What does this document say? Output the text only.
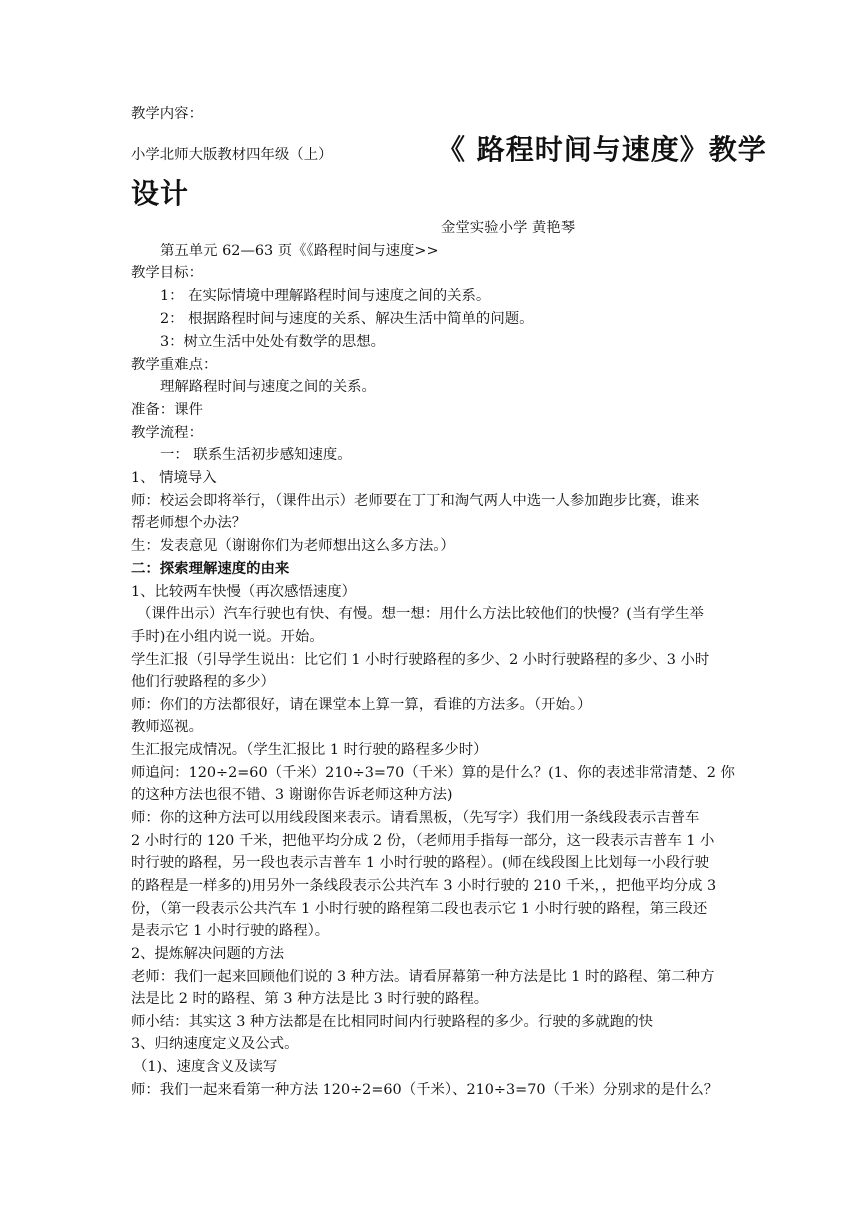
教学内容：
小学北师大版教材四年级（上）	《 路程时间与速度》教学
设计
金堂实验小学 黄艳琴
第五单元 62—63 页《《路程时间与速度>>
教学目标：
1： 在实际情境中理解路程时间与速度之间的关系。
2： 根据路程时间与速度的关系、解决生活中简单的问题。
3：树立生活中处处有数学的思想。
教学重难点：
理解路程时间与速度之间的关系。
准备：课件
教学流程：
一： 联系生活初步感知速度。
1、 情境导入
师：校运会即将举行，（课件出示）老师要在丁丁和淘气两人中选一人参加跑步比赛，谁来
帮老师想个办法？
生：发表意见（谢谢你们为老师想出这么多方法。）
二：探索理解速度的由来
1、比较两车快慢（再次感悟速度）
（课件出示）汽车行驶也有快、有慢。想一想：用什么方法比较他们的快慢？(当有学生举
手时)在小组内说一说。开始。
学生汇报（引导学生说出：比它们 1 小时行驶路程的多少、2 小时行驶路程的多少、3 小时
他们行驶路程的多少）
师：你们的方法都很好，请在课堂本上算一算，看谁的方法多。（开始。）
教师巡视。
生汇报完成情况。（学生汇报比 1 时行驶的路程多少时）
师追问：120÷2=60（千米）210÷3=70（千米）算的是什么？(1、你的表述非常清楚、2 你
的这种方法也很不错、3 谢谢你告诉老师这种方法)
师：你的这种方法可以用线段图来表示。请看黑板，（先写字）我们用一条线段表示吉普车
2 小时行的 120 千米，把他平均分成 2 份，（老师用手指每一部分，这一段表示吉普车 1 小
时行驶的路程，另一段也表示吉普车 1 小时行驶的路程）。(师在线段图上比划每一小段行驶
的路程是一样多的)用另外一条线段表示公共汽车 3 小时行驶的 210 千米，，把他平均分成 3
份，（第一段表示公共汽车 1 小时行驶的路程第二段也表示它 1 小时行驶的路程，第三段还
是表示它 1 小时行驶的路程）。
2、提炼解决问题的方法
老师：我们一起来回顾他们说的 3 种方法。请看屏幕第一种方法是比 1 时的路程、第二种方
法是比 2 时的路程、第 3 种方法是比 3 时行驶的路程。
师小结：其实这 3 种方法都是在比相同时间内行驶路程的多少。行驶的多就跑的快
3、归纳速度定义及公式。
（1)、速度含义及读写
师：我们一起来看第一种方法 120÷2=60（千米）、210÷3=70（千米）分别求的是什么？
